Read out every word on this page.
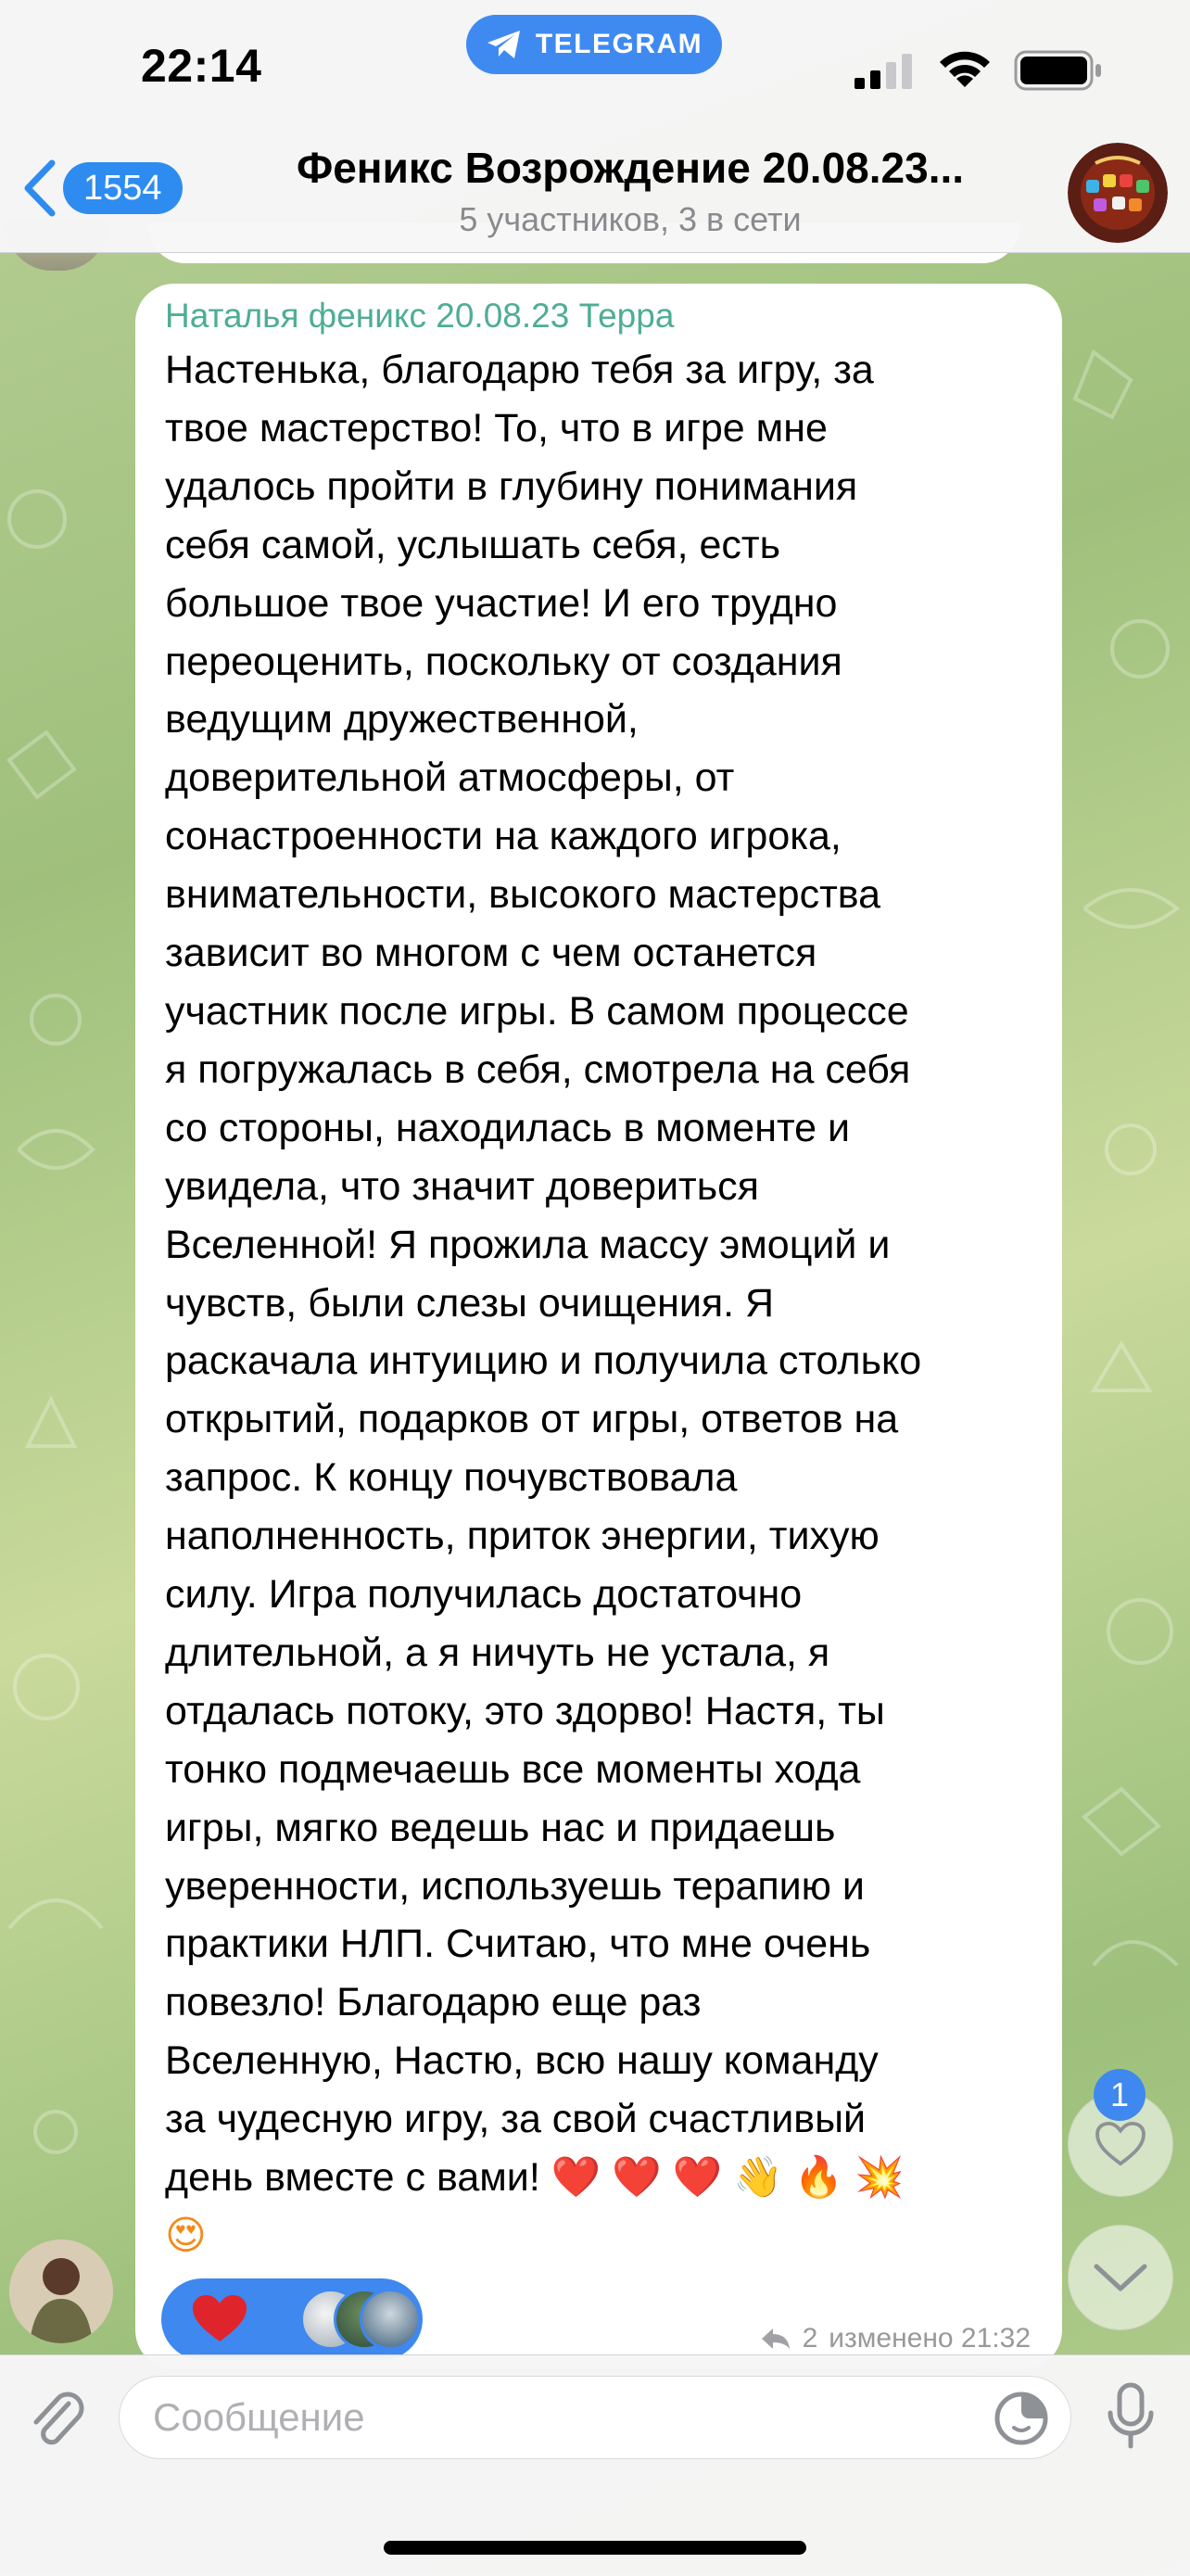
Наталья феникс 20.08.23 Терра
Настенька, благодарю тебя за игру, за
твое мастерство! То, что в игре мне
удалось пройти в глубину понимания
себя самой, услышать себя, есть
большое твое участие! И его трудно
переоценить, поскольку от создания
ведущим дружественной,
доверительной атмосферы, от
сонастроенности на каждого игрока,
внимательности, высокого мастерства
зависит во многом с чем останется
участник после игры. В самом процессе
я погружалась в себя, смотрела на себя
со стороны, находилась в моменте и
увидела, что значит довериться
Вселенной! Я прожила массу эмоций и
чувств, были слезы очищения. Я
раскачала интуицию и получила столько
открытий, подарков от игры, ответов на
запрос. К концу почувствовала
наполненность, приток энергии, тихую
силу. Игра получилась достаточно
длительной, а я ничуть не устала, я
отдалась потоку, это здорво! Настя, ты
тонко подмечаешь все моменты хода
игры, мягко ведешь нас и придаешь
уверенности, используешь терапию и
практики НЛП. Считаю, что мне очень
повезло! Благодарю еще раз
Вселенную, Настю, всю нашу команду
за чудесную игру, за свой счастливый
день вместе с вами! ❤️ ❤️ ❤️ 👋 🔥 💥
😍
2 изменено 21:32
1
22:14	TELEGRAM
1554	Феникс Возрождение 20.08.23...
5 участников, 3 в сети
Сообщение
